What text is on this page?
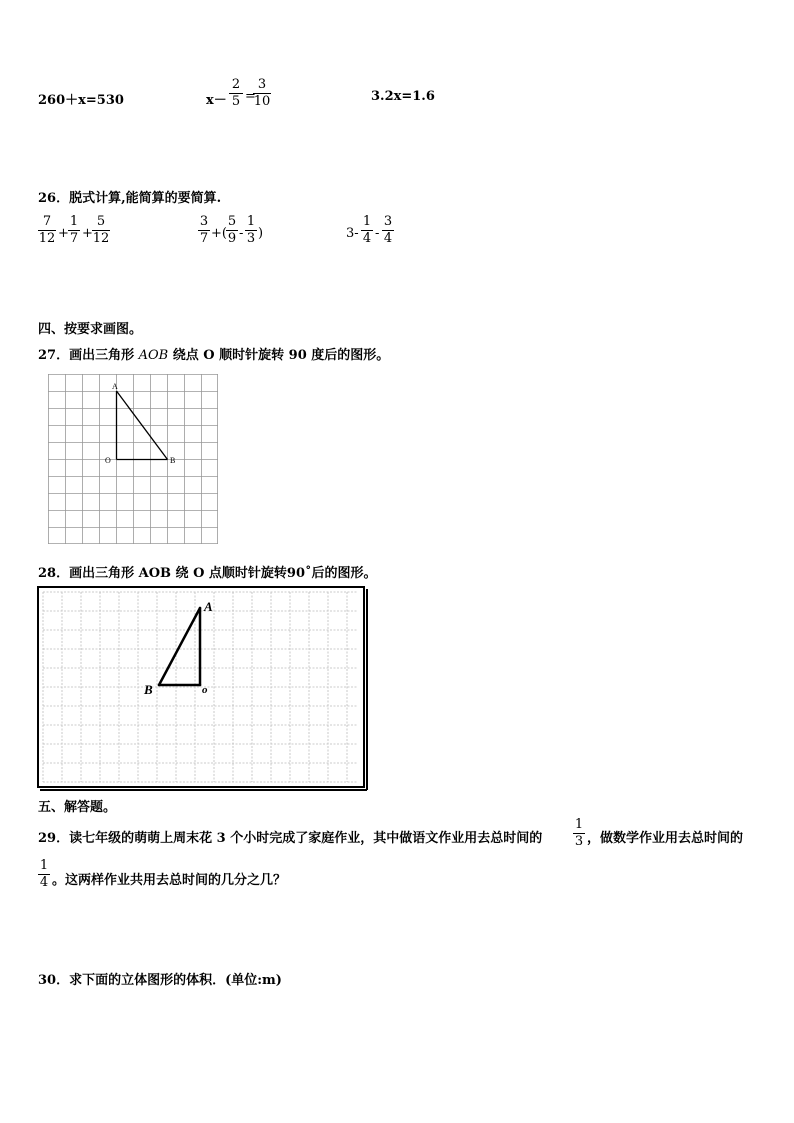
260＋x=530	x－
2
5 =
3
10	3.2x=1.6
26．脱式计算,能简算的要简算.
7
12 +
1
7 +
5
12
3
7 +(
5
9 -
1
3 )	3-
1
4 -
3
4
四、按要求画图。
27．画出三角形 AOB 绕点 O 顺时针旋转 90 度后的图形。
A
O	B
28．画出三角形 AOB 绕 O 点顺时针旋转90˚后的图形。
A
B	o
五、解答题。
29．读七年级的萌萌上周末花 3 个小时完成了家庭作业，其中做语文作业用去总时间的
1
3 ，做数学作业用去总时间的
1
4 。这两样作业共用去总时间的几分之几？
30．求下面的立体图形的体积．(单位:m)
